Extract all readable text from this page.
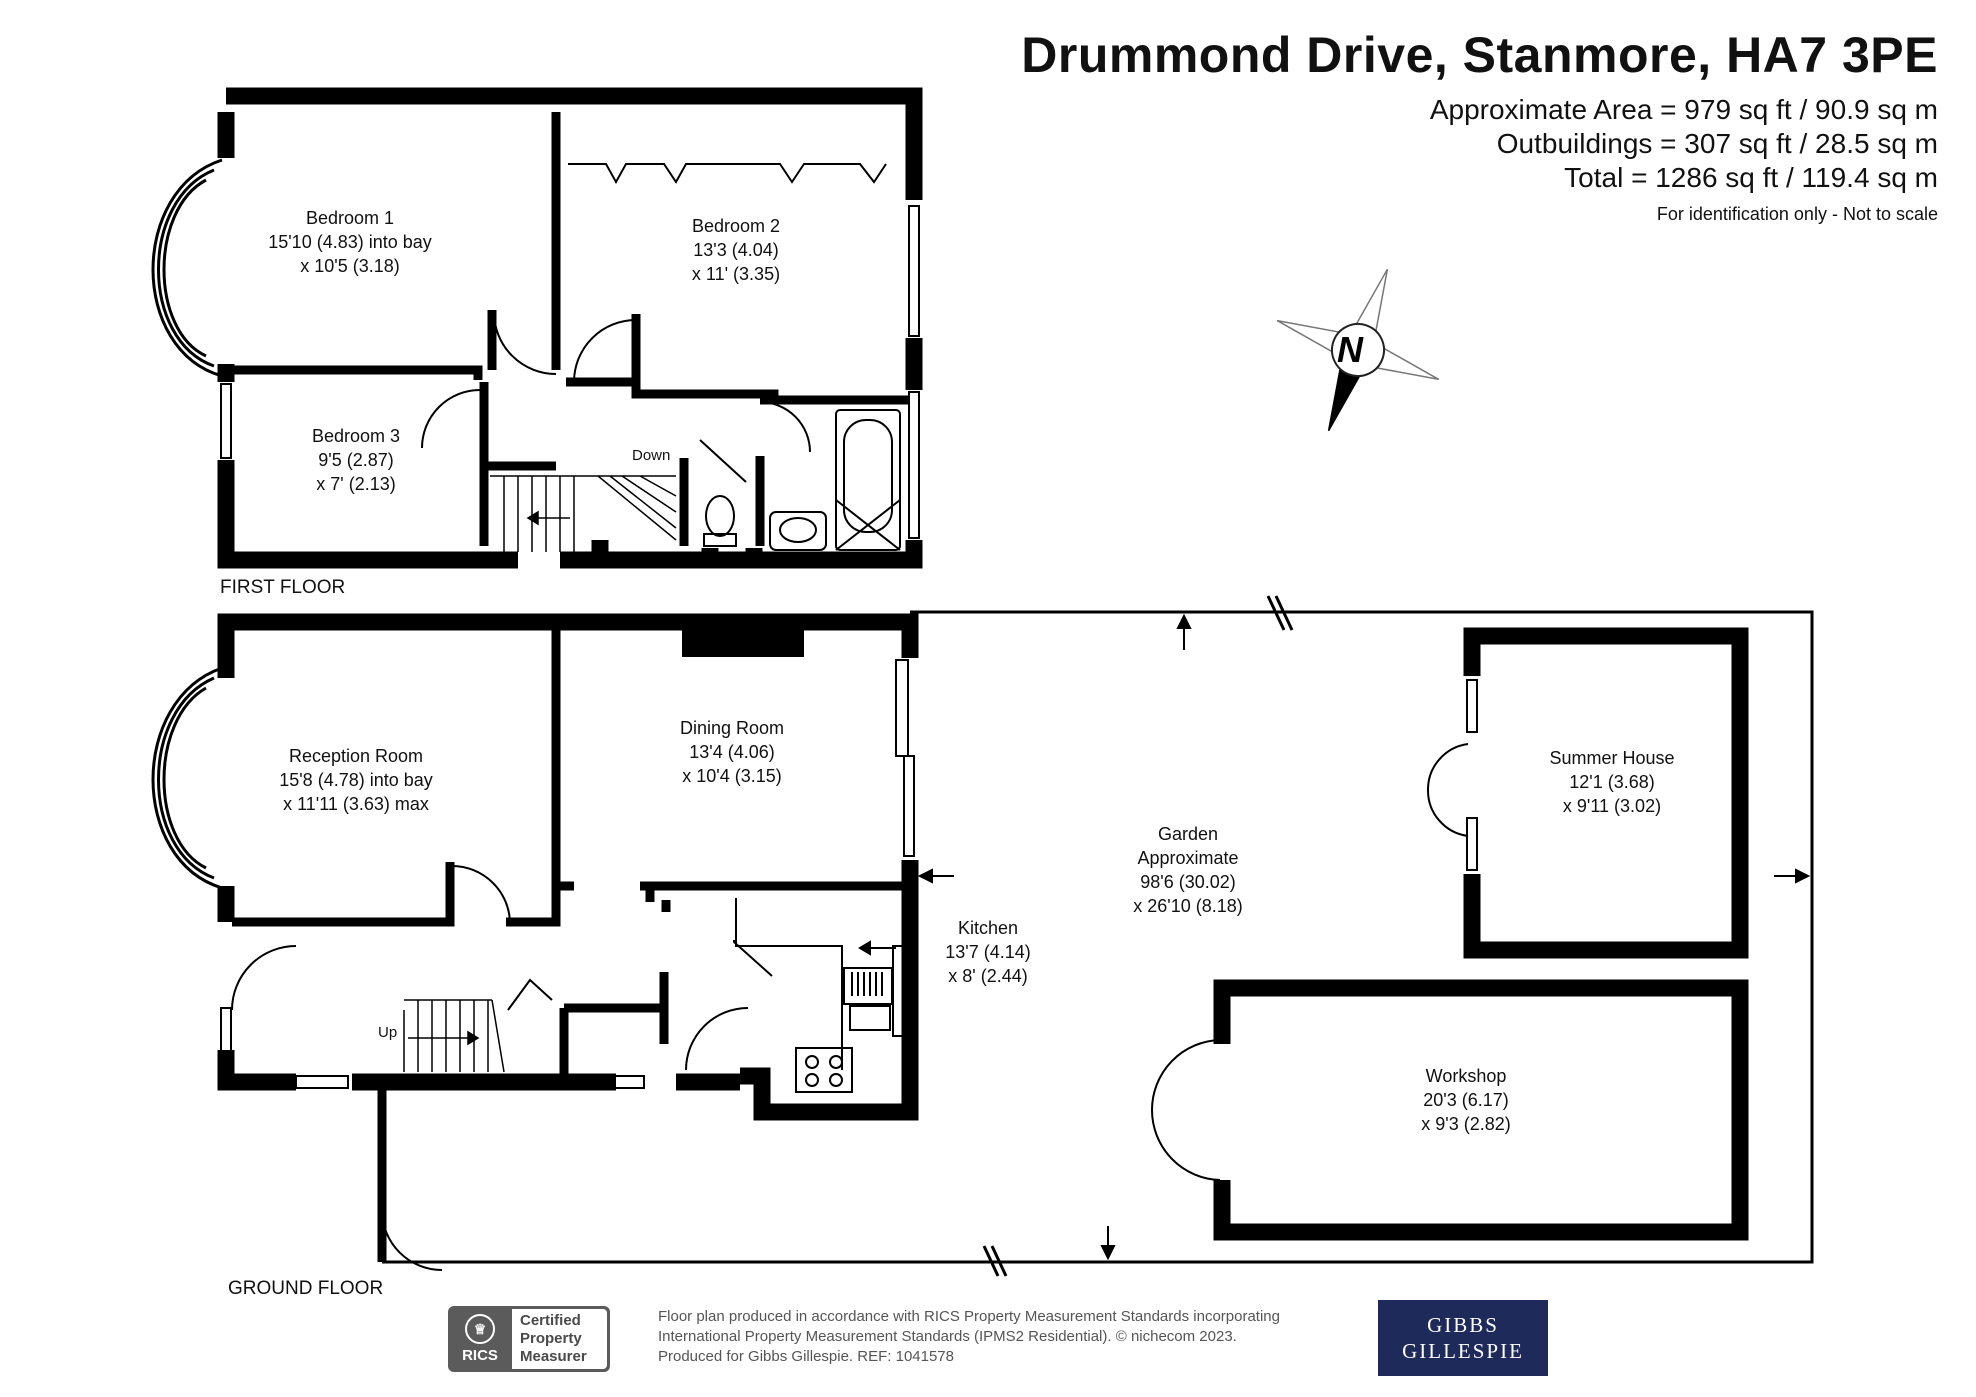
N
Drummond Drive, Stanmore, HA7 3PE
Approximate Area = 979 sq ft / 90.9 sq m
Outbuildings = 307 sq ft / 28.5 sq m
Total = 1286 sq ft / 119.4 sq m
For identification only - Not to scale
FIRST FLOOR
GROUND FLOOR
Bedroom 1
15'10 (4.83) into bay
x 10'5 (3.18)
Bedroom 2
13'3 (4.04)
x 11' (3.35)
Bedroom 3
9'5 (2.87)
x 7' (2.13)
Reception Room
15'8 (4.78) into bay
x 11'11 (3.63) max
Dining Room
13'4 (4.06)
x 10'4 (3.15)
Kitchen
13'7 (4.14)
x 8' (2.44)
Garden
Approximate
98'6 (30.02)
x 26'10 (8.18)
Summer House
12'1 (3.68)
x 9'11 (3.02)
Workshop
20'3 (6.17)
x 9'3 (2.82)
Down
Up
♕
RICS
Certified
Property
Measurer
Floor plan produced in accordance with RICS Property Measurement Standards incorporating
International Property Measurement Standards (IPMS2 Residential). © nichecom 2023.
Produced for Gibbs Gillespie. REF: 1041578
GIBBS
GILLESPIE
